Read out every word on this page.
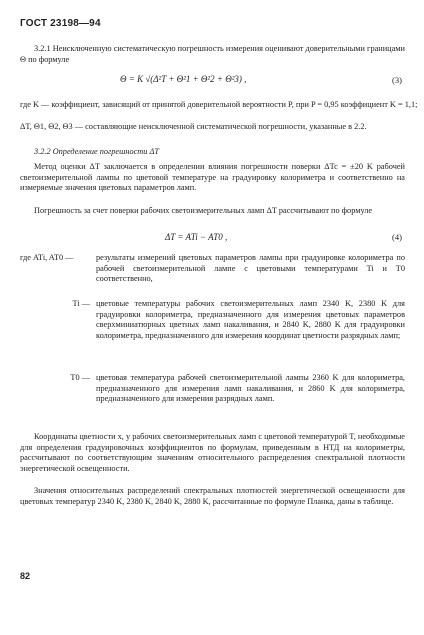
ГОСТ 23198—94
3.2.1 Неисключенную систематическую погрешность измерения оценивают доверительными границами Θ по формуле
Θ = K √(Δ²T + Θ²1 + Θ²2 + Θ²3) ,	(3)
где K — коэффициент, зависящий от принятой доверительной вероятности P, при P = 0,95 коэффициент K = 1,1;
ΔT, Θ1, Θ2, Θ3 — составляющие неисключенной систематической погрешности, указанные в 2.2.
3.2.2 Определение погрешности ΔT
Метод оценки ΔT заключается в определении влияния погрешности поверки ΔTc = ±20 K рабочей светоизмерительной лампы по цветовой температуре на градуировку колориметра и соответственно на измеряемые значения цветовых параметров ламп.
Погрешность за счет поверки рабочих светоизмерительных ламп ΔT рассчитывают по формуле
ΔT = ATi − AT0 ,	(4)
где ATi, AT0 —	результаты измерений цветовых параметров лампы при градуировке колориметра по рабочей светоизмерительной лампе с цветовыми температурами Ti и T0 соответственно,
Ti — цветовые температуры рабочих светоизмерительных ламп 2340 K, 2380 K для градуировки колориметра, предназначенного для измерения цветовых параметров сверхминиатюрных цветных ламп накаливания, и 2840 K, 2880 K для градуировки колориметра, предназначенного для измерения координат цветности разрядных ламп;
T0 — цветовая температура рабочей светоизмерительной лампы 2360 K для колориметра, предназначенного для измерения ламп накаливания, и 2860 K для колориметра, предназначенного для измерения разрядных ламп.
Координаты цветности x, y рабочих светоизмерительных ламп с цветовой температурой T, необходимые для определения градуировочных коэффициентов по формулам, приведенным в НТД на колориметры, рассчитывают по соответствующим значениям относительного распределения спектральной плотности энергетической освещенности.
Значения относительных распределений спектральных плотностей энергетической освещенности для цветовых температур 2340 K, 2380 K, 2840 K, 2880 K, рассчитанные по формуле Планка, даны в таблице.
82
